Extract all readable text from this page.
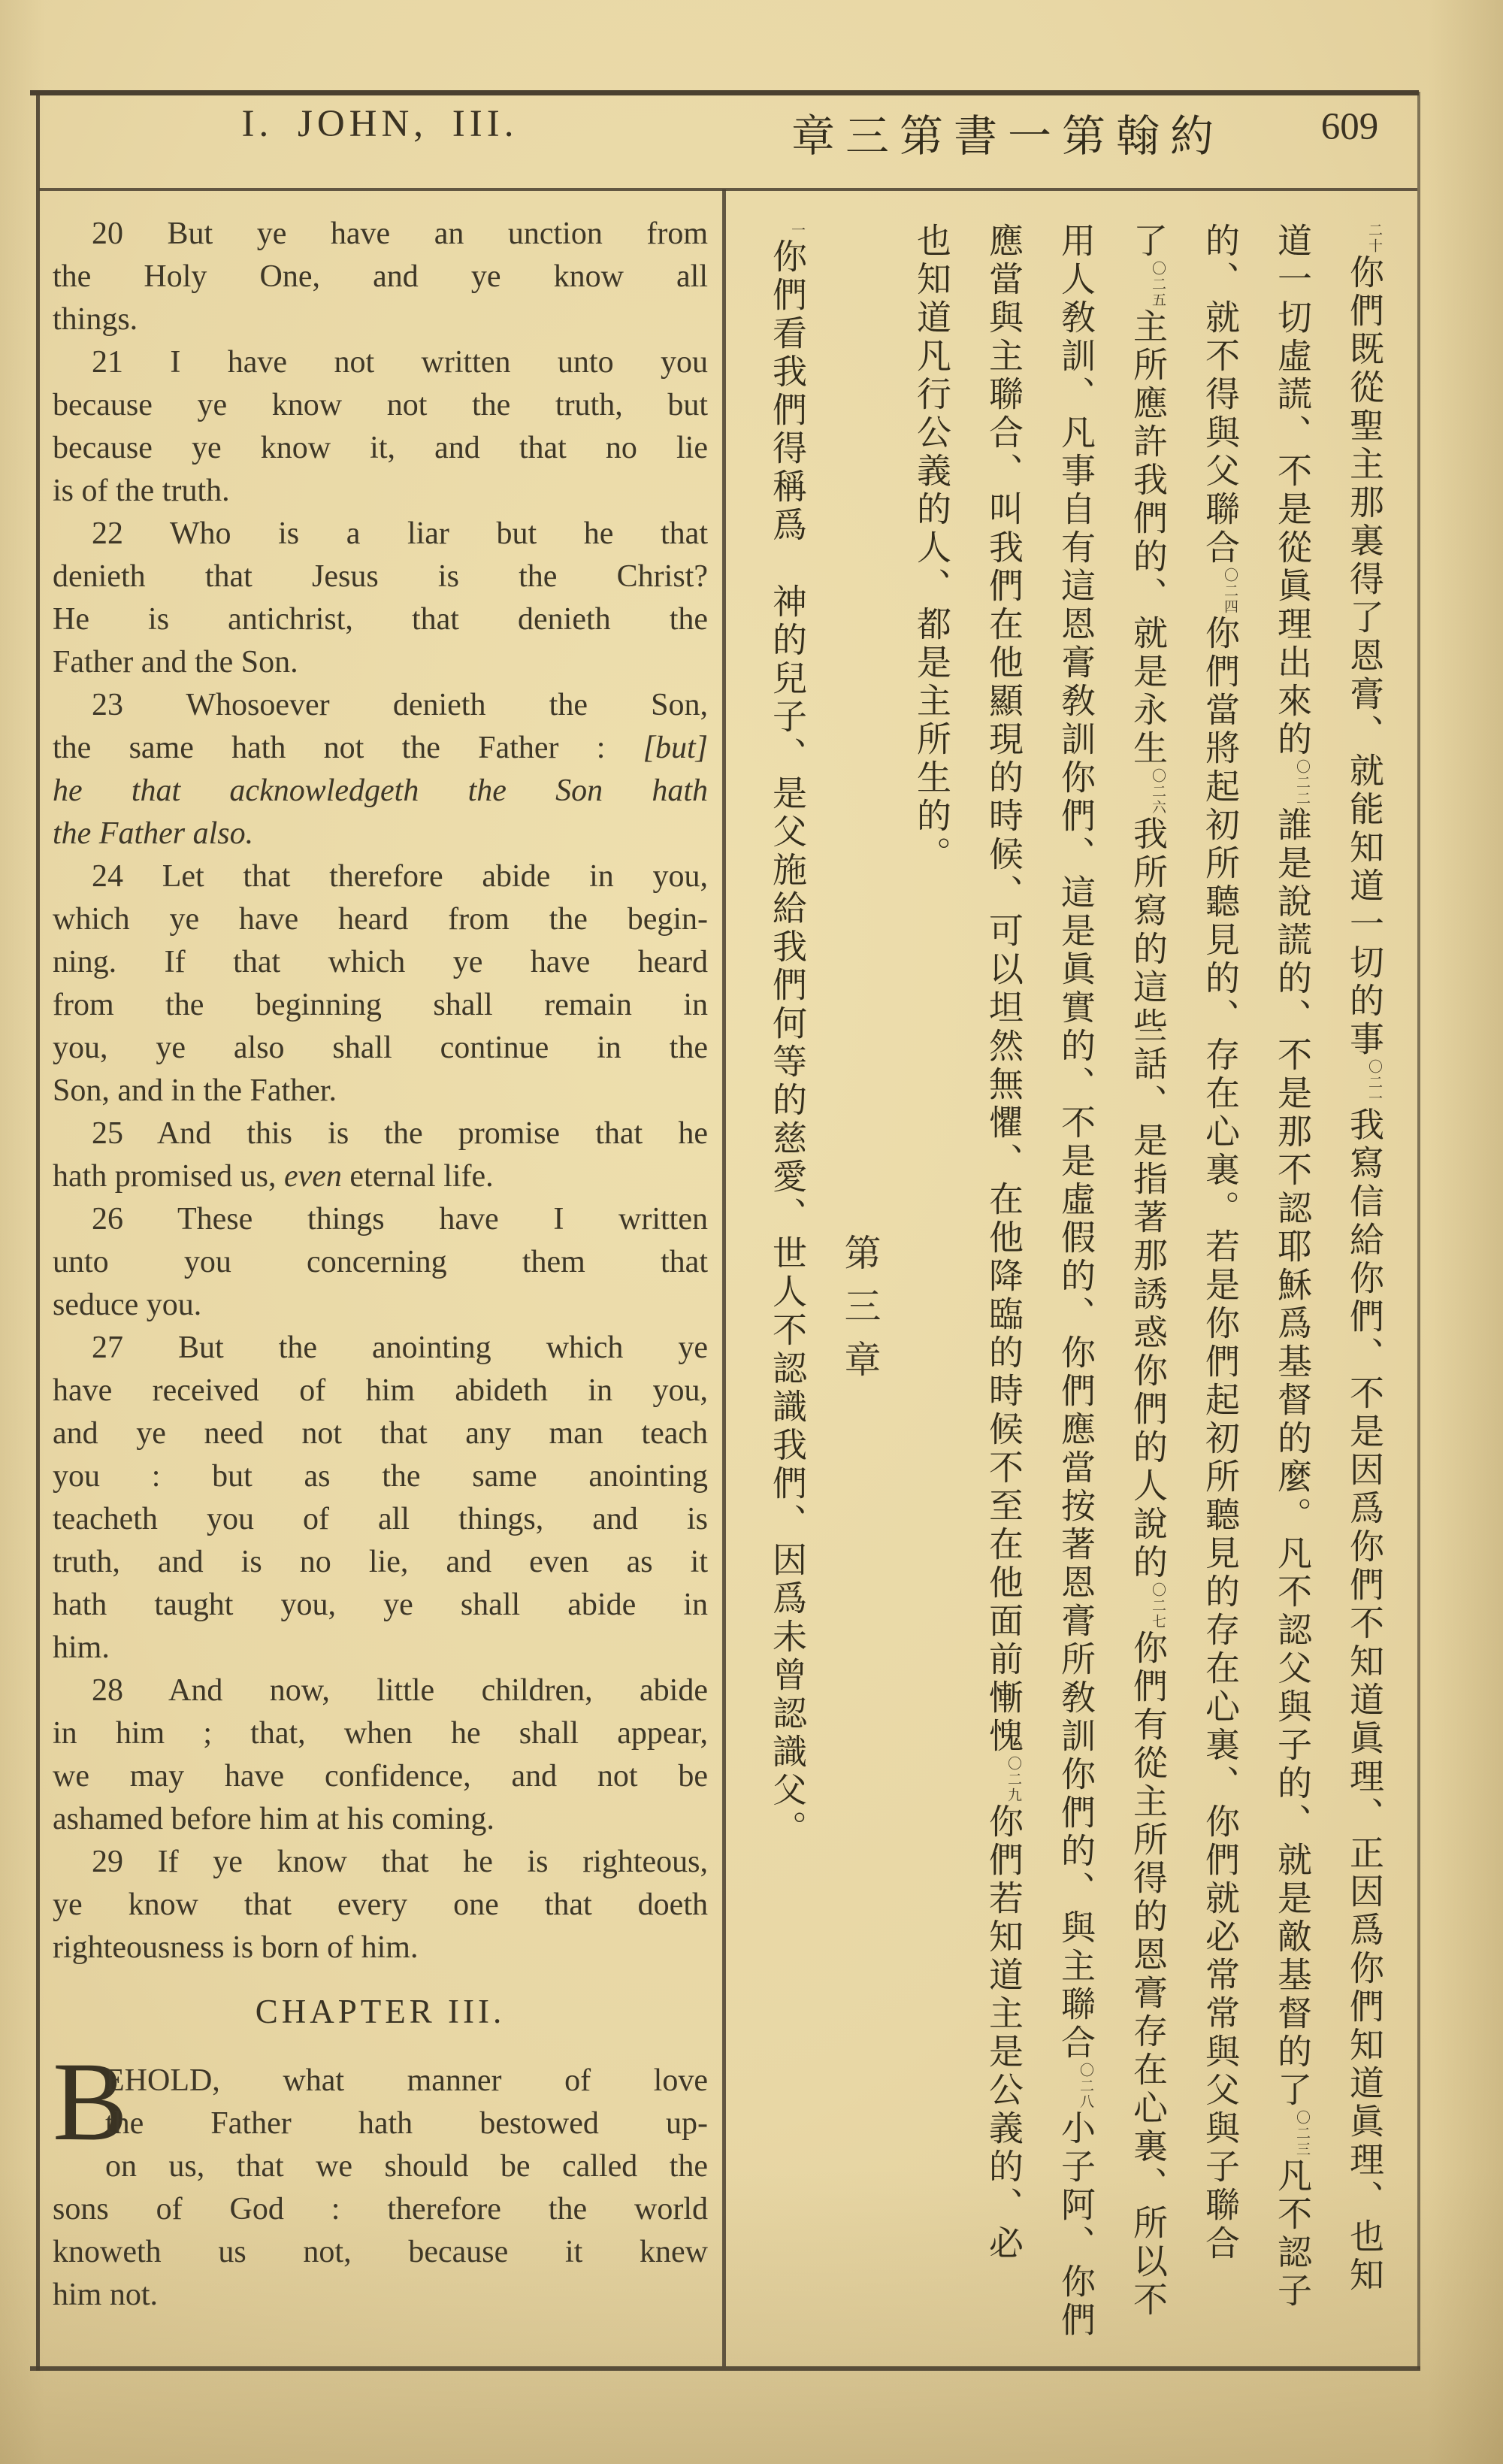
I. JOHN, III.	章三第書一第翰約	609
20 But ye have an unction from
the Holy One, and ye know all
things.
21 I have not written unto you
because ye know not the truth, but
because ye know it, and that no lie
is of the truth.
22 Who is a liar but he that
denieth that Jesus is the Christ?
He is antichrist, that denieth the
Father and the Son.
23 Whosoever denieth the Son,
the same hath not the Father : [but]
he that acknowledgeth the Son hath
the Father also.
24 Let that therefore abide in you,
which ye have heard from the begin-
ning. If that which ye have heard
from the beginning shall remain in
you, ye also shall continue in the
Son, and in the Father.
25 And this is the promise that he
hath promised us, even eternal life.
26 These things have I written
unto you concerning them that
seduce you.
27 But the anointing which ye
have received of him abideth in you,
and ye need not that any man teach
you : but as the same anointing
teacheth you of all things, and is
truth, and is no lie, and even as it
hath taught you, ye shall abide in
him.
28 And now, little children, abide
in him ; that, when he shall appear,
we may have confidence, and not be
ashamed before him at his coming.
29 If ye know that he is righteous,
ye know that every one that doeth
righteousness is born of him.
CHAPTER III.
B
EHOLD, what manner of love
the Father hath bestowed up-
on us, that we should be called the
sons of God : therefore the world
knoweth us not, because it knew
him not.
二十你們既從聖主那裏得了恩膏、就能知道一切的事〇二一我寫信給你們、不是因爲你們不知道眞理、正因爲你們知道眞理、也知
道一切虛謊、不是從眞理出來的〇二二誰是說謊的、不是那不認耶穌爲基督的麼。凡不認父與子的、就是敵基督的了〇二三凡不認子
的、就不得與父聯合〇二四你們當將起初所聽見的、存在心裏。若是你們起初所聽見的存在心裏、你們就必常常與父與子聯合
了〇二五主所應許我們的、就是永生〇二六我所寫的這些話、是指著那誘惑你們的人說的〇二七你們有從主所得的恩膏存在心裏、所以不
用人敎訓、凡事自有這恩膏敎訓你們、這是眞實的、不是虛假的、你們應當按著恩膏所敎訓你們的、與主聯合〇二八小子阿、你們
應當與主聯合、叫我們在他顯現的時候、可以坦然無懼、在他降臨的時候不至在他面前慚愧〇二九你們若知道主是公義的、必
也知道凡行公義的人、都是主所生的。
第三章
一你們看我們得稱爲　神的兒子、是父施給我們何等的慈愛、世人不認識我們、因爲未曾認識父。
